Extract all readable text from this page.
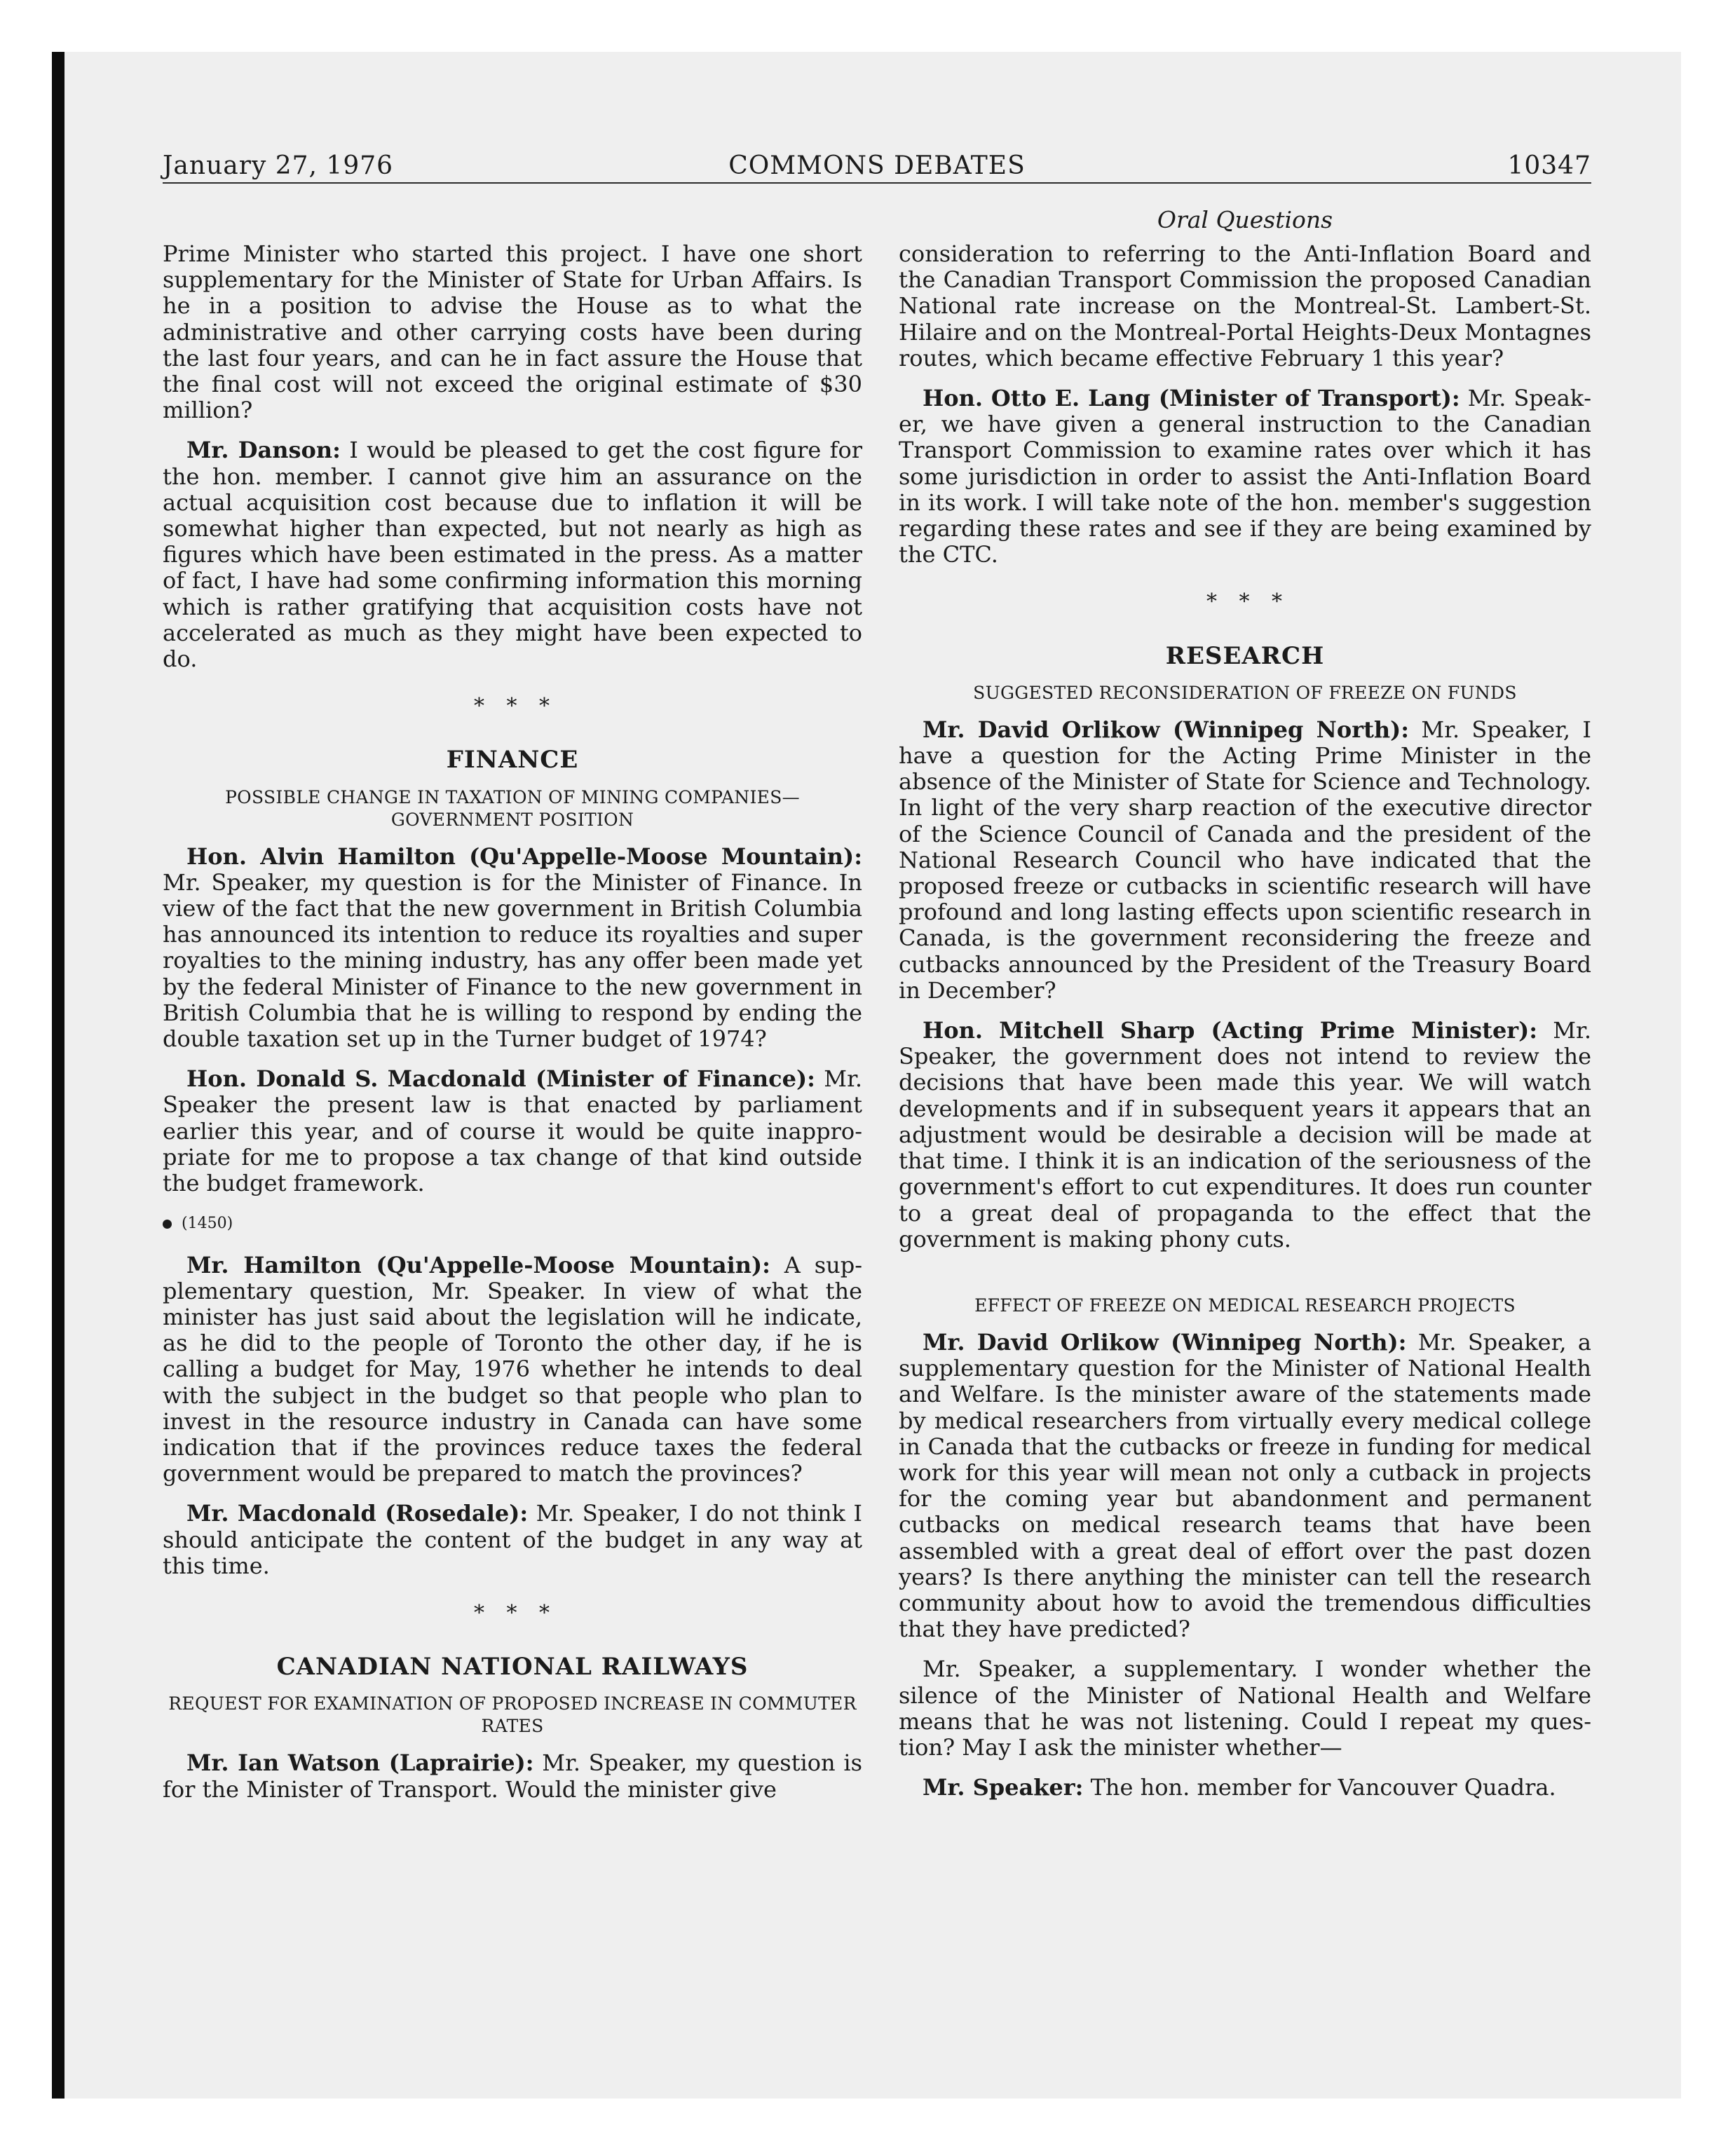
January 27, 1976	COMMONS DEBATES	10347
Oral Questions

Prime Minister who started this project. I have one short supplementary for the Minister of State for Urban Affairs. Is he in a position to advise the House as to what the administrative and other carrying costs have been during the last four years, and can he in fact assure the House that the final cost will not exceed the original estimate of $30 million?

Mr. Danson: I would be pleased to get the cost figure for the hon. member. I cannot give him an assurance on the actual acquisition cost because due to inflation it will be somewhat higher than expected, but not nearly as high as figures which have been estimated in the press. As a matter of fact, I have had some confirming information this morning which is rather gratifying that acquisition costs have not accelerated as much as they might have been expected to do.

* * *
FINANCE
POSSIBLE CHANGE IN TAXATION OF MINING COMPANIES— GOVERNMENT POSITION

Hon. Alvin Hamilton (Qu'Appelle-Moose Mountain): Mr. Speaker, my question is for the Minister of Finance. In view of the fact that the new government in British Columbia has announced its intention to reduce its royalties and super royalties to the mining industry, has any offer been made yet by the federal Minister of Finance to the new government in British Columbia that he is willing to respond by ending the double taxation set up in the Turner budget of 1974?

Hon. Donald S. Macdonald (Minister of Finance): Mr. Speaker the present law is that enacted by parliament earlier this year, and of course it would be quite inappropriate for me to propose a tax change of that kind outside the budget framework.

(1450)

Mr. Hamilton (Qu'Appelle-Moose Mountain): A supplementary question, Mr. Speaker. In view of what the minister has just said about the legislation will he indicate, as he did to the people of Toronto the other day, if he is calling a budget for May, 1976 whether he intends to deal with the subject in the budget so that people who plan to invest in the resource industry in Canada can have some indication that if the provinces reduce taxes the federal government would be prepared to match the provinces?

Mr. Macdonald (Rosedale): Mr. Speaker, I do not think I should anticipate the content of the budget in any way at this time.

* * *
CANADIAN NATIONAL RAILWAYS
REQUEST FOR EXAMINATION OF PROPOSED INCREASE IN COMMUTER RATES

Mr. Ian Watson (Laprairie): Mr. Speaker, my question is for the Minister of Transport. Would the minister give

consideration to referring to the Anti-Inflation Board and the Canadian Transport Commission the proposed Canadian National rate increase on the Montreal-St. Lambert-St. Hilaire and on the Montreal-Portal Heights-Deux Montagnes routes, which became effective February 1 this year?

Hon. Otto E. Lang (Minister of Transport): Mr. Speaker, we have given a general instruction to the Canadian Transport Commission to examine rates over which it has some jurisdiction in order to assist the Anti-Inflation Board in its work. I will take note of the hon. member's suggestion regarding these rates and see if they are being examined by the CTC.

* * *
RESEARCH
SUGGESTED RECONSIDERATION OF FREEZE ON FUNDS

Mr. David Orlikow (Winnipeg North): Mr. Speaker, I have a question for the Acting Prime Minister in the absence of the Minister of State for Science and Technology. In light of the very sharp reaction of the executive director of the Science Council of Canada and the president of the National Research Council who have indicated that the proposed freeze or cutbacks in scientific research will have profound and long lasting effects upon scientific research in Canada, is the government reconsidering the freeze and cutbacks announced by the President of the Treasury Board in December?

Hon. Mitchell Sharp (Acting Prime Minister): Mr. Speaker, the government does not intend to review the decisions that have been made this year. We will watch developments and if in subsequent years it appears that an adjustment would be desirable a decision will be made at that time. I think it is an indication of the seriousness of the government's effort to cut expenditures. It does run counter to a great deal of propaganda to the effect that the government is making phony cuts.

EFFECT OF FREEZE ON MEDICAL RESEARCH PROJECTS

Mr. David Orlikow (Winnipeg North): Mr. Speaker, a supplementary question for the Minister of National Health and Welfare. Is the minister aware of the statements made by medical researchers from virtually every medical college in Canada that the cutbacks or freeze in funding for medical work for this year will mean not only a cutback in projects for the coming year but abandonment and permanent cutbacks on medical research teams that have been assembled with a great deal of effort over the past dozen years? Is there anything the minister can tell the research community about how to avoid the tremendous difficulties that they have predicted?

Mr. Speaker, a supplementary. I wonder whether the silence of the Minister of National Health and Welfare means that he was not listening. Could I repeat my question? May I ask the minister whether—

Mr. Speaker: The hon. member for Vancouver Quadra.
